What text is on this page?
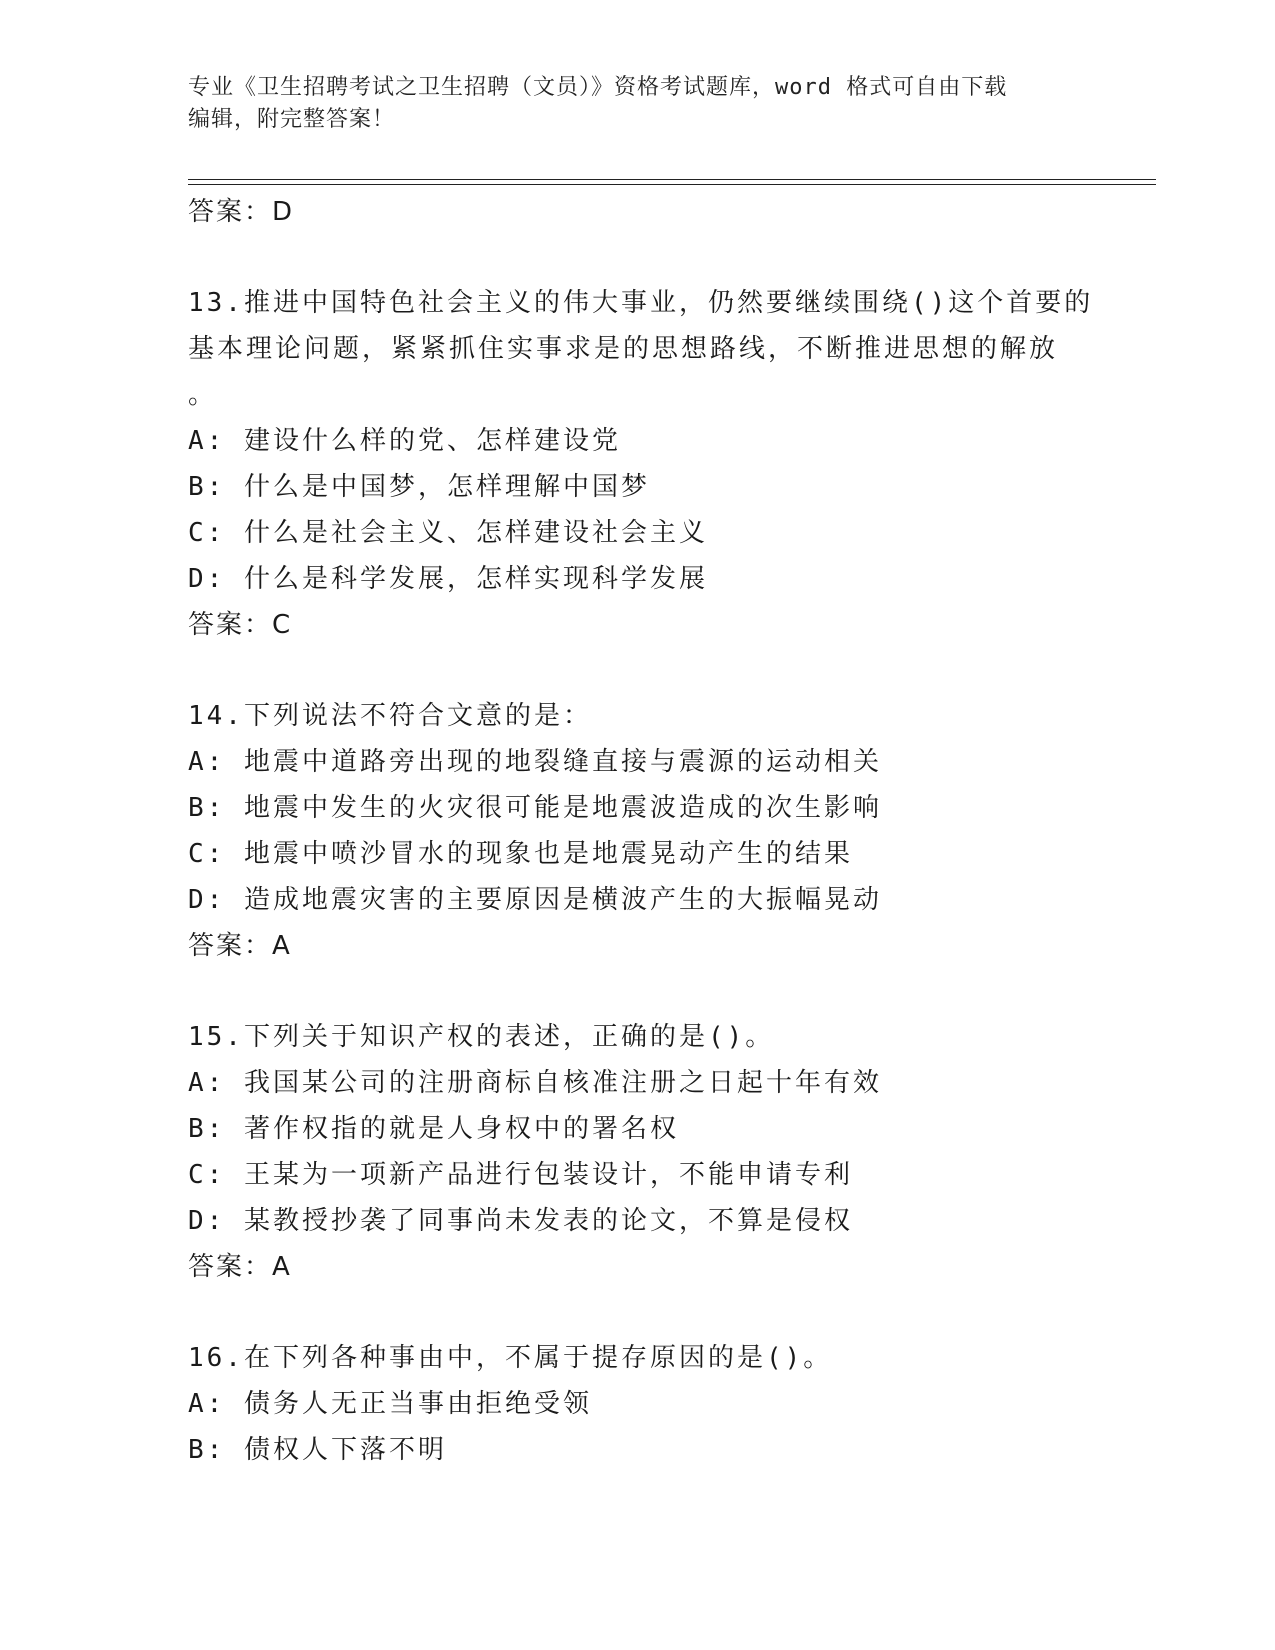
专业《卫生招聘考试之卫生招聘（文员）》资格考试题库，word 格式可自由下载
编辑，附完整答案！
答案：D
13.推进中国特色社会主义的伟大事业，仍然要继续围绕()这个首要的
基本理论问题，紧紧抓住实事求是的思想路线，不断推进思想的解放
。
A: 建设什么样的党、怎样建设党
B: 什么是中国梦，怎样理解中国梦
C: 什么是社会主义、怎样建设社会主义
D: 什么是科学发展，怎样实现科学发展
答案：C
14.下列说法不符合文意的是：
A: 地震中道路旁出现的地裂缝直接与震源的运动相关
B: 地震中发生的火灾很可能是地震波造成的次生影响
C: 地震中喷沙冒水的现象也是地震晃动产生的结果
D: 造成地震灾害的主要原因是横波产生的大振幅晃动
答案：A
15.下列关于知识产权的表述，正确的是()。
A: 我国某公司的注册商标自核准注册之日起十年有效
B: 著作权指的就是人身权中的署名权
C: 王某为一项新产品进行包装设计，不能申请专利
D: 某教授抄袭了同事尚未发表的论文，不算是侵权
答案：A
16.在下列各种事由中，不属于提存原因的是()。
A: 债务人无正当事由拒绝受领
B: 债权人下落不明
